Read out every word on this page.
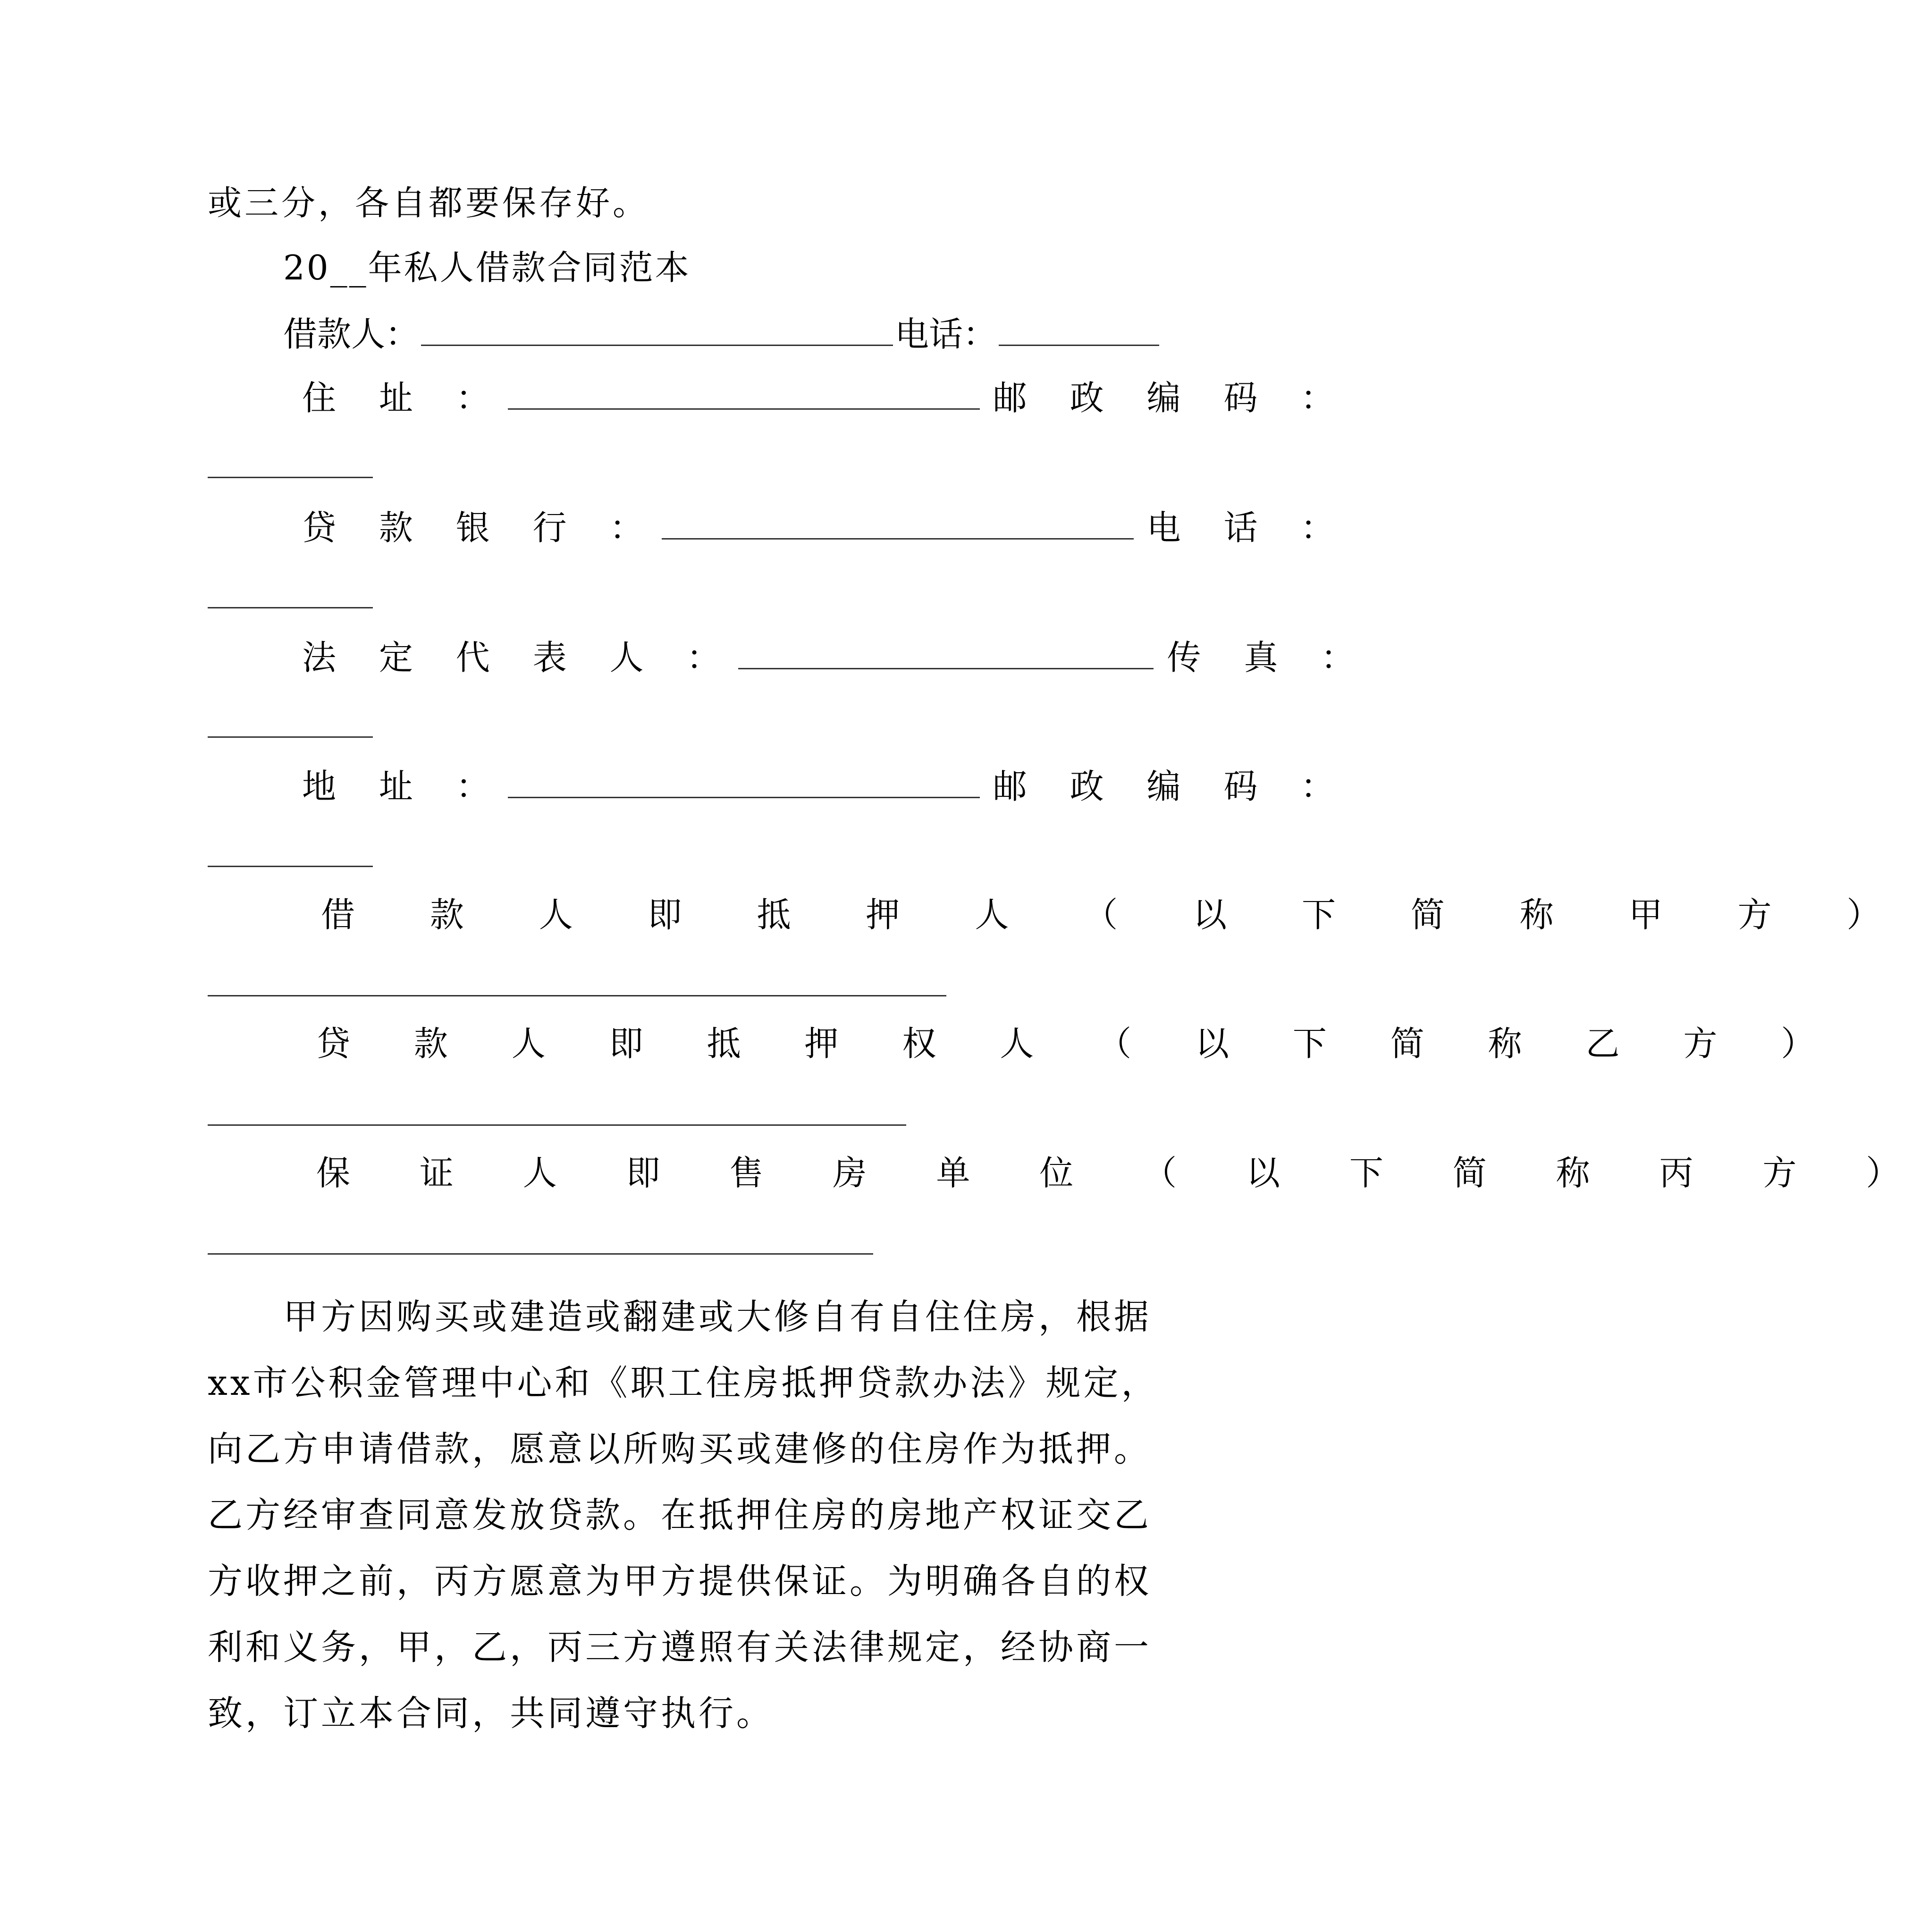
或三分，各自都要保存好。
20__年私人借款合同范本
借款人：	电话：
住 址 ：	邮 政 编 码 ：
贷 款 银 行 ：	电 话 ：
法 定 代 表 人 ：	传 真 ：
地 址 ：	邮 政 编 码 ：
借 款 人 即 抵 押 人 （ 以 下 简 称 甲 方 ）
贷 款 人 即 抵 押 权 人 （ 以 下 简 称 乙 方 ）
保 证 人 即 售 房 单 位 （ 以 下 简 称 丙 方 ）

甲方因购买或建造或翻建或大修自有自住住房，根据xx市公积金管理中心和《职工住房抵押贷款办法》规定，向乙方申请借款，愿意以所购买或建修的住房作为抵押。乙方经审查同意发放贷款。在抵押住房的房地产权证交乙方收押之前，丙方愿意为甲方提供保证。为明确各自的权利和义务，甲，乙，丙三方遵照有关法律规定，经协商一致，订立本合同，共同遵守执行。
